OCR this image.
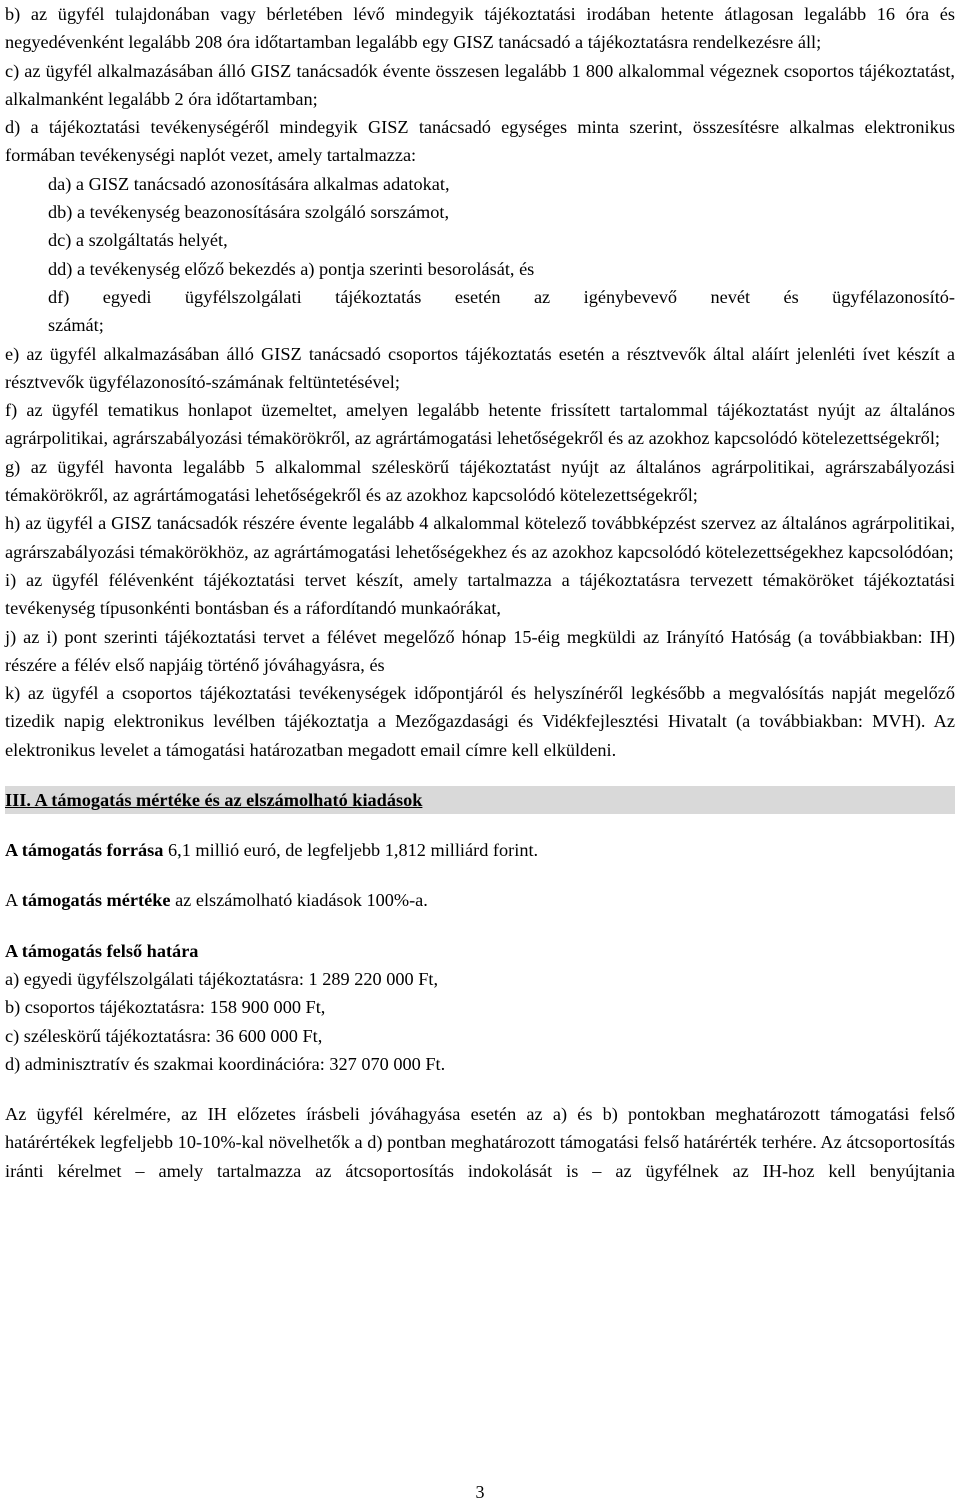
b) az ügyfél tulajdonában vagy bérletében lévő mindegyik tájékoztatási irodában hetente átlagosan legalább 16 óra és negyedévenként legalább 208 óra időtartamban legalább egy GISZ tanácsadó a tájékoztatásra rendelkezésre áll;

c) az ügyfél alkalmazásában álló GISZ tanácsadók évente összesen legalább 1 800 alkalommal végeznek csoportos tájékoztatást, alkalmanként legalább 2 óra időtartamban;

d) a tájékoztatási tevékenységéről mindegyik GISZ tanácsadó egységes minta szerint, összesítésre alkalmas elektronikus formában tevékenységi naplót vezet, amely tartalmazza:

da) a GISZ tanácsadó azonosítására alkalmas adatokat,

db) a tevékenység beazonosítására szolgáló sorszámot,

dc) a szolgáltatás helyét,

dd) a tevékenység előző bekezdés a) pontja szerinti besorolását, és

df) egyedi ügyfélszolgálati tájékoztatás esetén az igénybevevő nevét és ügyfélazonosító-
számát;

e) az ügyfél alkalmazásában álló GISZ tanácsadó csoportos tájékoztatás esetén a résztvevők által aláírt jelenléti ívet készít a résztvevők ügyfélazonosító-számának feltüntetésével;

f) az ügyfél tematikus honlapot üzemeltet, amelyen legalább hetente frissített tartalommal tájékoztatást nyújt az általános agrárpolitikai, agrárszabályozási témakörökről, az agrártámogatási lehetőségekről és az azokhoz kapcsolódó kötelezettségekről;

g) az ügyfél havonta legalább 5 alkalommal széleskörű tájékoztatást nyújt az általános agrárpolitikai, agrárszabályozási témakörökről, az agrártámogatási lehetőségekről és az azokhoz kapcsolódó kötelezettségekről;

h) az ügyfél a GISZ tanácsadók részére évente legalább 4 alkalommal kötelező továbbképzést szervez az általános agrárpolitikai, agrárszabályozási témakörökhöz, az agrártámogatási lehetőségekhez és az azokhoz kapcsolódó kötelezettségekhez kapcsolódóan;

i) az ügyfél félévenként tájékoztatási tervet készít, amely tartalmazza a tájékoztatásra tervezett témaköröket tájékoztatási tevékenység típusonkénti bontásban és a ráfordítandó munkaórákat,

j) az i) pont szerinti tájékoztatási tervet a félévet megelőző hónap 15-éig megküldi az Irányító Hatóság (a továbbiakban: IH) részére a félév első napjáig történő jóváhagyásra, és

k) az ügyfél a csoportos tájékoztatási tevékenységek időpontjáról és helyszínéről legkésőbb a megvalósítás napját megelőző tizedik napig elektronikus levélben tájékoztatja a Mezőgazdasági és Vidékfejlesztési Hivatalt (a továbbiakban: MVH). Az elektronikus levelet a támogatási határozatban megadott email címre kell elküldeni.

III. A támogatás mértéke és az elszámolható kiadások

A támogatás forrása 6,1 millió euró, de legfeljebb 1,812 milliárd forint.

A támogatás mértéke az elszámolható kiadások 100%-a.

A támogatás felső határa

a) egyedi ügyfélszolgálati tájékoztatásra: 1 289 220 000 Ft,

b) csoportos tájékoztatásra: 158 900 000 Ft,

c) széleskörű tájékoztatásra: 36 600 000 Ft,

d) adminisztratív és szakmai koordinációra: 327 070 000 Ft.

Az ügyfél kérelmére, az IH előzetes írásbeli jóváhagyása esetén az a) és b) pontokban meghatározott támogatási felső határértékek legfeljebb 10-10%-kal növelhetők a d) pontban meghatározott támogatási felső határérték terhére. Az átcsoportosítás iránti kérelmet – amely tartalmazza az átcsoportosítás indokolását is – az ügyfélnek az IH-hoz kell benyújtania

3
